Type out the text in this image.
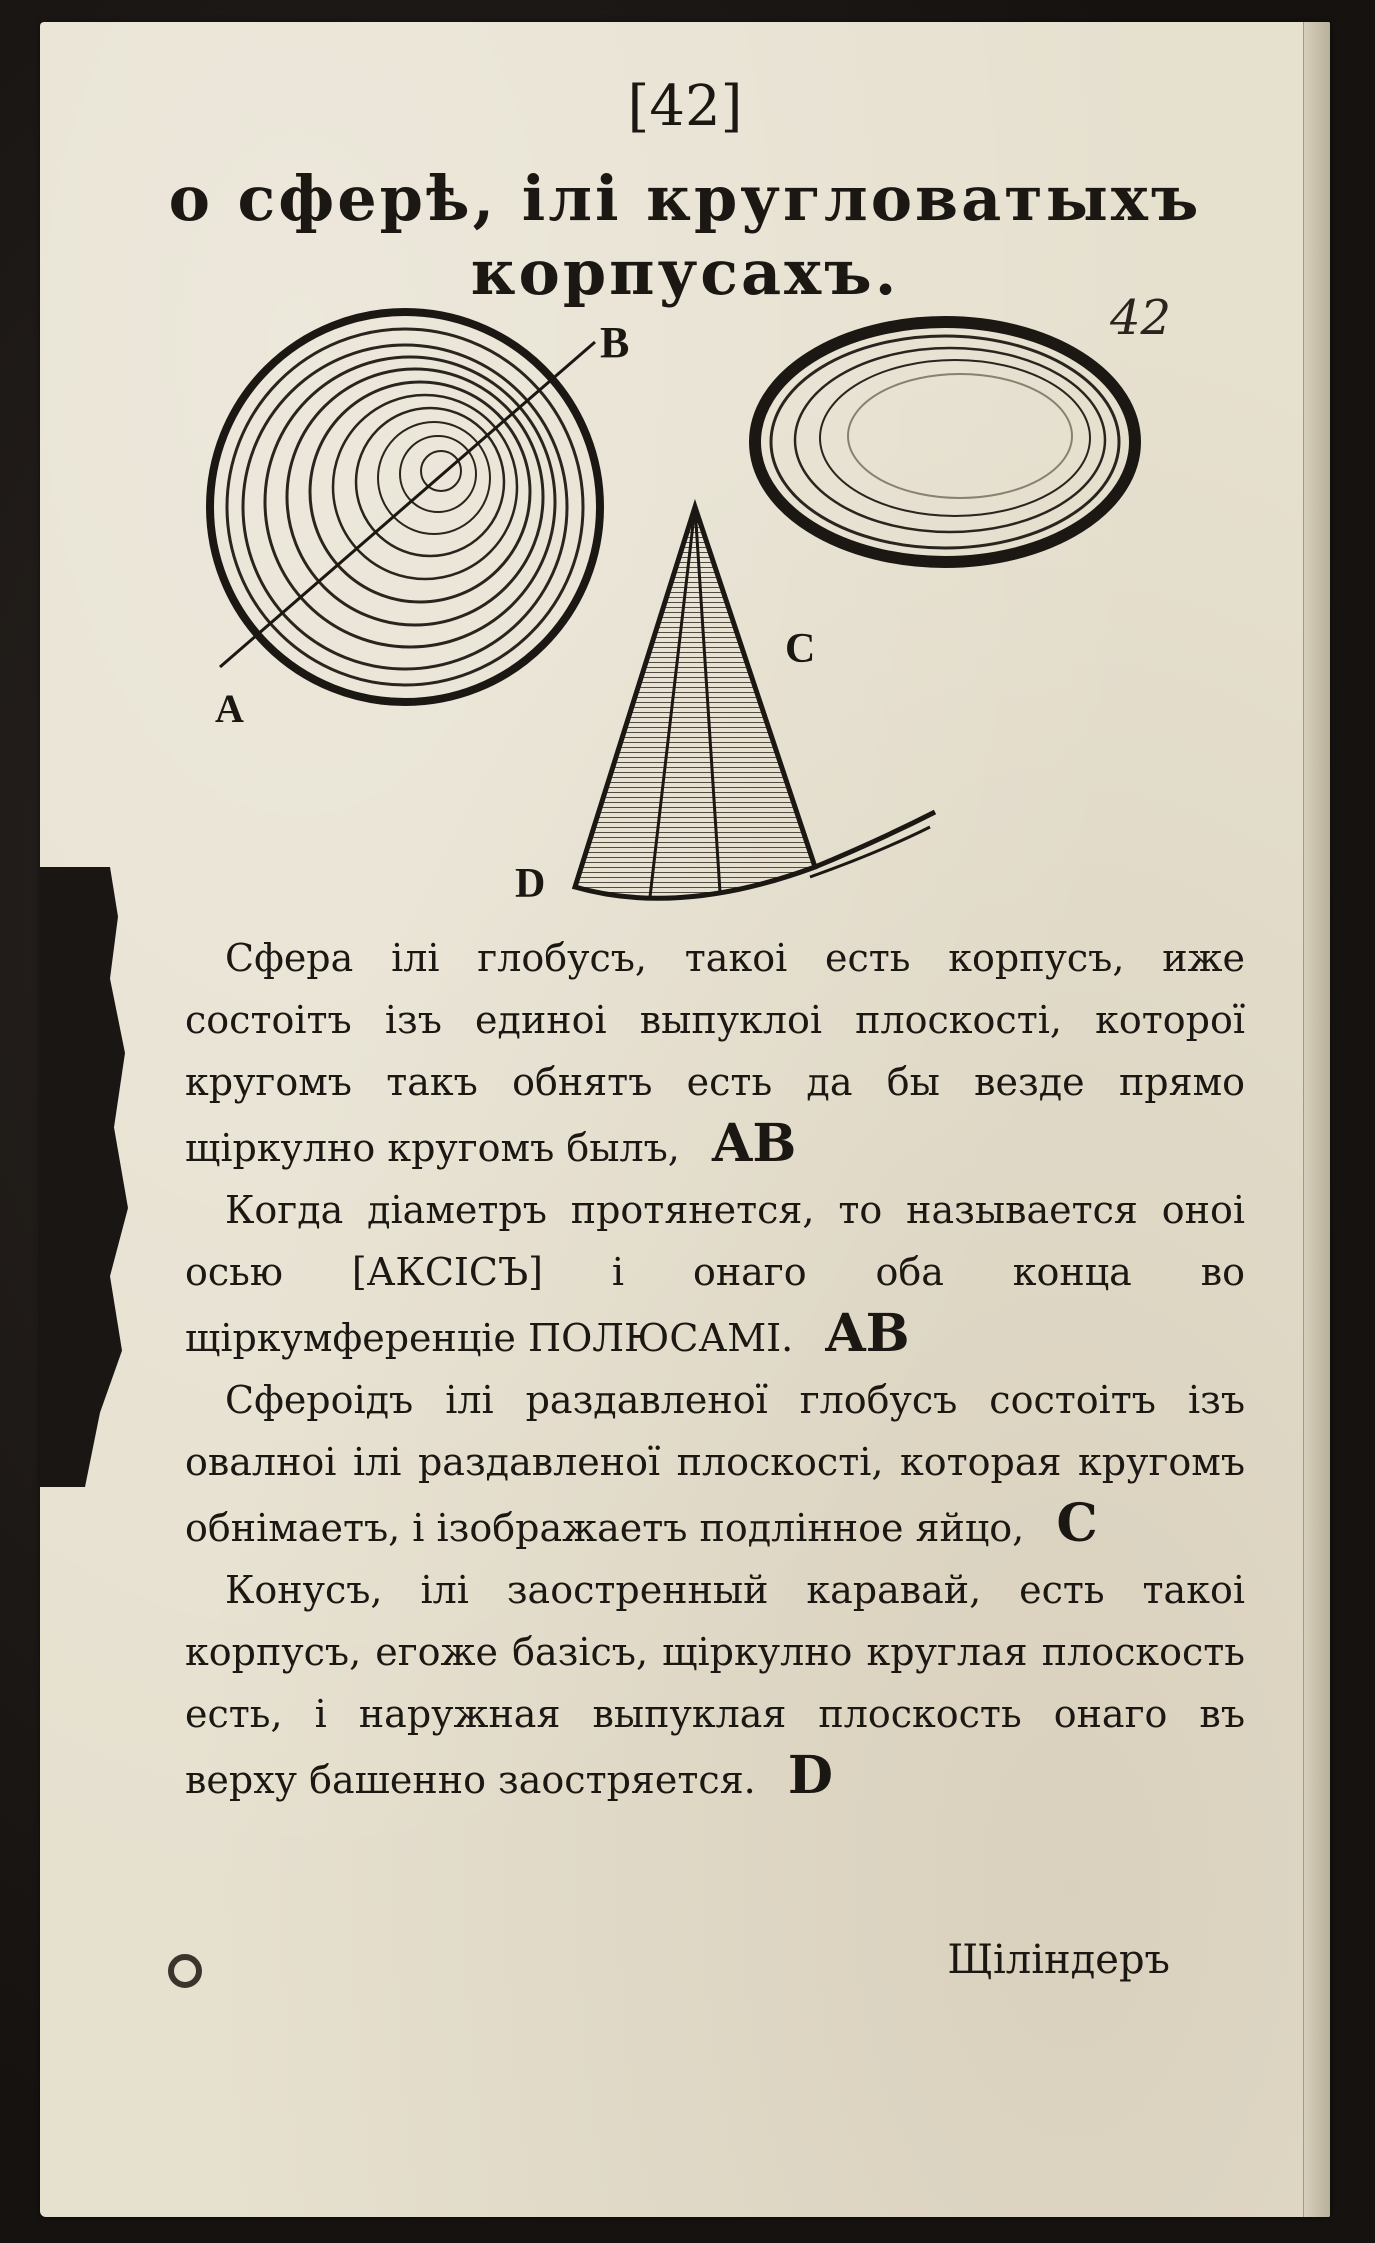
[42]
о сферѣ, ілі кругловатыхъ корпусахъ.
42
B
A
C
D

Сфера ілі глобусъ, такоі есть корпусъ, иже состоітъ ізъ единоі выпуклоі плоскості, которої кругомъ такъ обнятъ есть да бы везде прямо щіркулно кругомъ былъ, AB

Когда діаметръ протянется, то называется оноі осью [АКСІСЪ] і онаго оба конца во щіркумференціе ПОЛЮСАМІ. AB

Сфероідъ ілі раздавленої глобусъ состоітъ ізъ овалноі ілі раздавленої плоскості, которая кругомъ обнімаетъ, і ізображаетъ подлінное яйцо, C

Конусъ, ілі заостренный каравай, есть такоі корпусъ, егоже базісъ, щіркулно круглая плоскость есть, і наружная выпуклая плоскость онаго въ верху башенно заостряется. D

Щіліндеръ
